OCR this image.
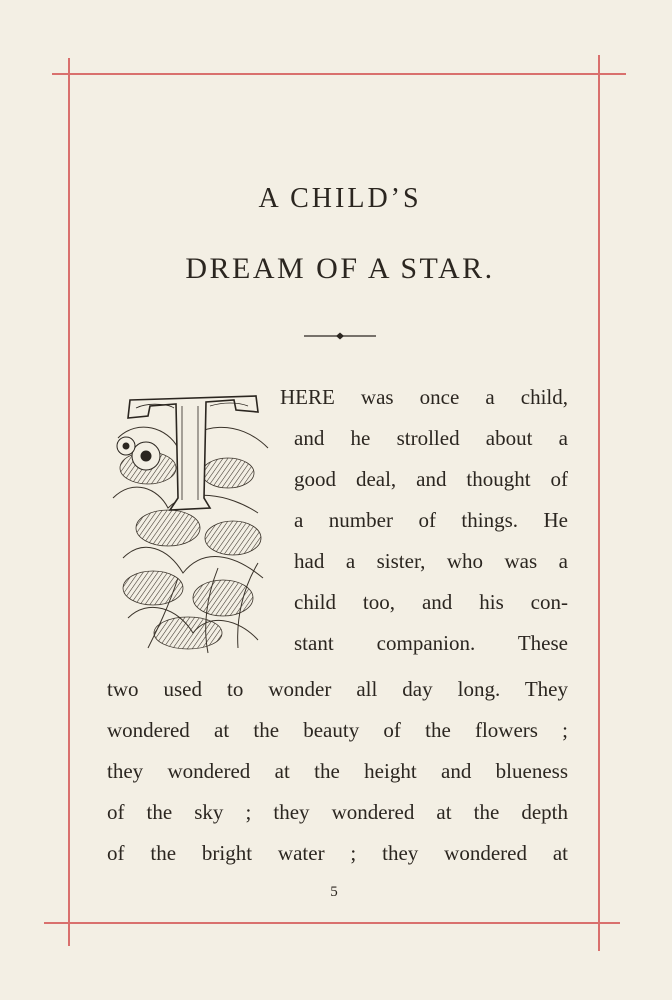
A CHILD’S
DREAM OF A STAR.
HERE was once a child,
and he strolled about a
good deal, and thought of
a number of things. He
had a sister, who was a
child too, and his con-
stant companion. These
two used to wonder all day long. They
wondered at the beauty of the flowers ;
they wondered at the height and blueness
of the sky ; they wondered at the depth
of the bright water ; they wondered at
5
